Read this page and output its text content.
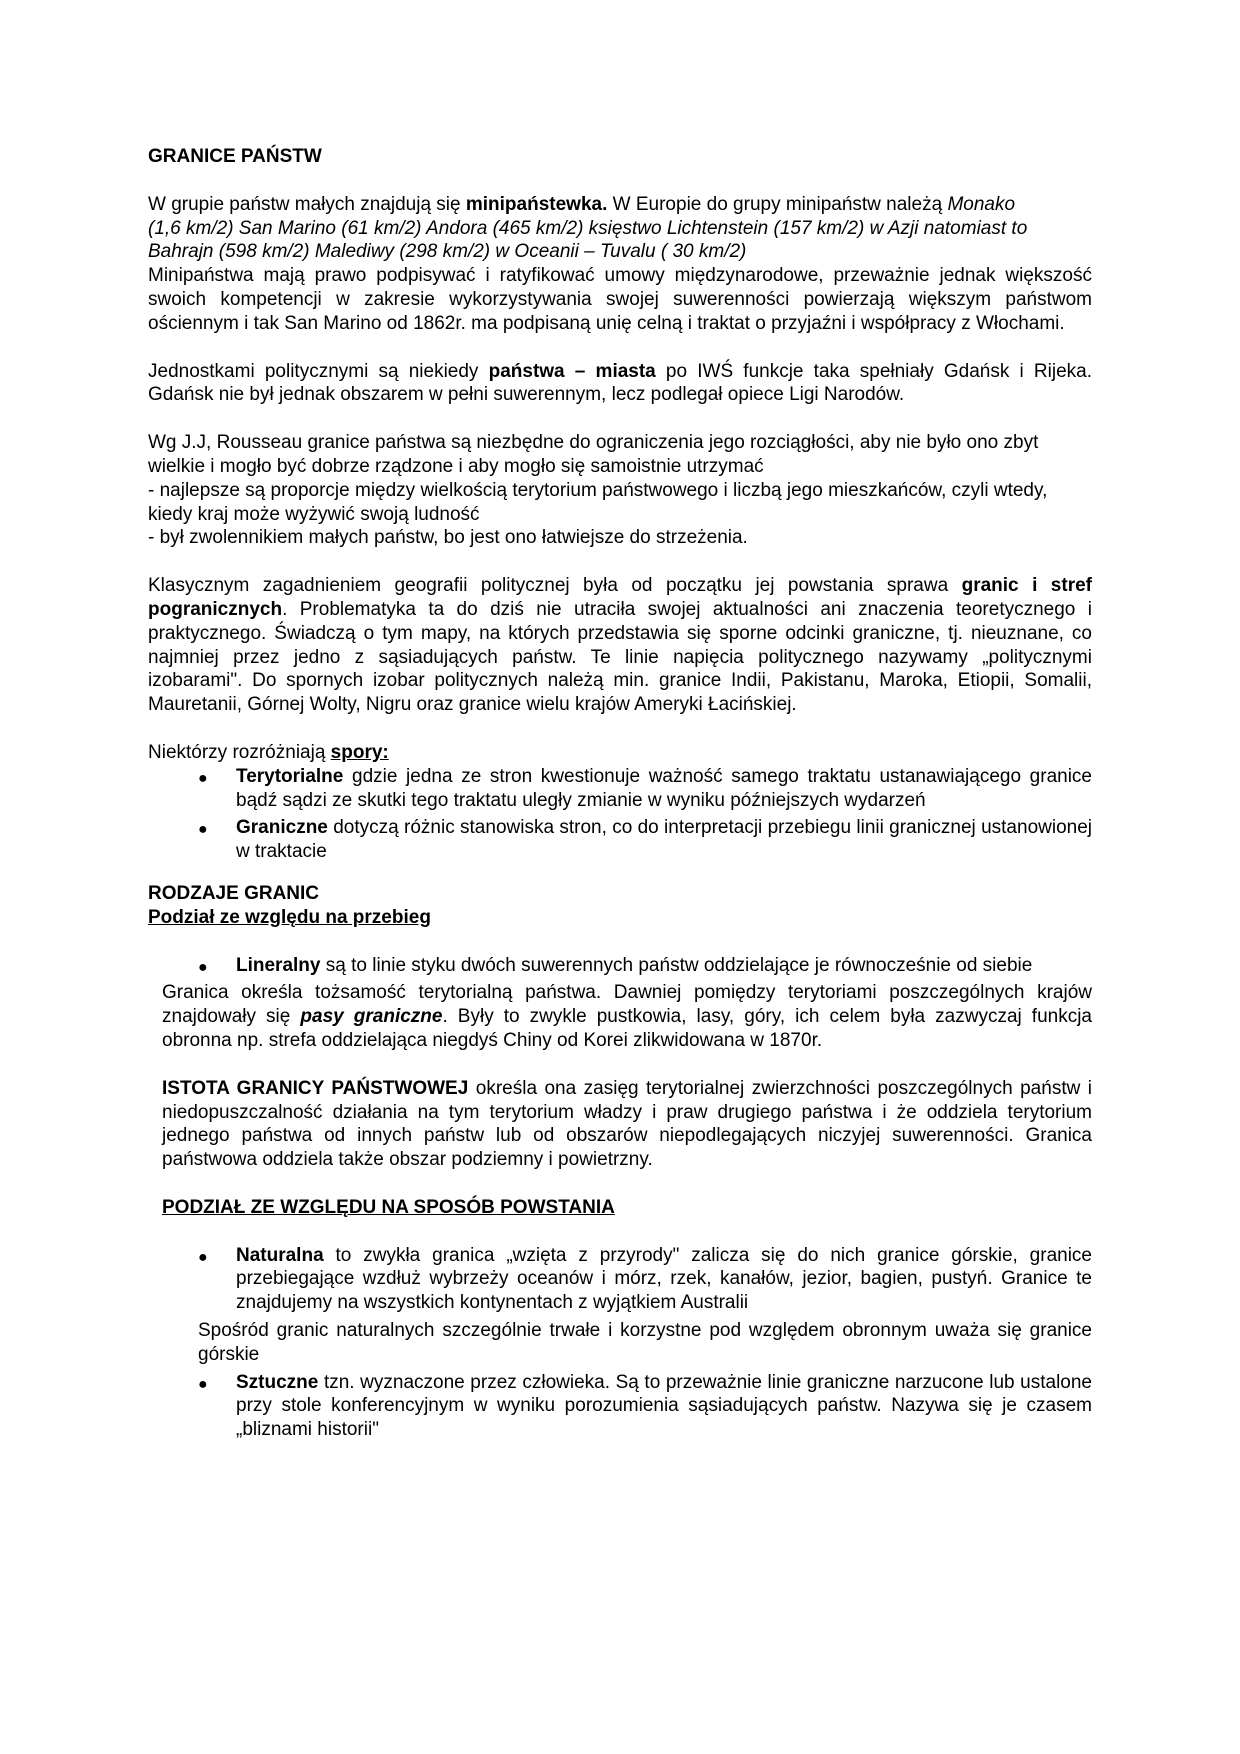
GRANICE PAŃSTW

W grupie państw małych znajdują się minipaństewka. W Europie do grupy minipaństw należą Monako

(1,6 km/2) San Marino (61 km/2) Andora (465 km/2) księstwo Lichtenstein (157 km/2) w Azji natomiast to Bahrajn (598 km/2) Malediwy (298 km/2) w Oceanii – Tuvalu ( 30 km/2)

Minipaństwa mają prawo podpisywać i ratyfikować umowy międzynarodowe, przeważnie jednak większość swoich kompetencji w zakresie wykorzystywania swojej suwerenności powierzają większym państwom ościennym i tak San Marino od 1862r. ma podpisaną unię celną i traktat o przyjaźni i współpracy z Włochami.

Jednostkami politycznymi są niekiedy państwa – miasta po IWŚ funkcje taka spełniały Gdańsk i Rijeka. Gdańsk nie był jednak obszarem w pełni suwerennym, lecz podlegał opiece Ligi Narodów.

Wg J.J, Rousseau granice państwa są niezbędne do ograniczenia jego rozciągłości, aby nie było ono zbyt wielkie i mogło być dobrze rządzone i aby mogło się samoistnie utrzymać

- najlepsze są proporcje między wielkością terytorium państwowego i liczbą jego mieszkańców, czyli wtedy, kiedy kraj może wyżywić swoją ludność

- był zwolennikiem małych państw, bo jest ono łatwiejsze do strzeżenia.

Klasycznym zagadnieniem geografii politycznej była od początku jej powstania sprawa granic i stref pogranicznych. Problematyka ta do dziś nie utraciła swojej aktualności ani znaczenia teoretycznego i praktycznego. Świadczą o tym mapy, na których przedstawia się sporne odcinki graniczne, tj. nieuznane, co najmniej przez jedno z sąsiadujących państw. Te linie napięcia politycznego nazywamy „politycznymi izobarami". Do spornych izobar politycznych należą min. granice Indii, Pakistanu, Maroka, Etiopii, Somalii, Mauretanii, Górnej Wolty, Nigru oraz granice wielu krajów Ameryki Łacińskiej.

Niektórzy rozróżniają spory:

● Terytorialne gdzie jedna ze stron kwestionuje ważność samego traktatu ustanawiającego granice bądź sądzi ze skutki tego traktatu uległy zmianie w wyniku późniejszych wydarzeń
● Graniczne dotyczą różnic stanowiska stron, co do interpretacji przebiegu linii granicznej ustanowionej w traktacie

RODZAJE GRANIC

Podział ze względu na przebieg

● Lineralny są to linie styku dwóch suwerennych państw oddzielające je równocześnie od siebie

Granica określa tożsamość terytorialną państwa. Dawniej pomiędzy terytoriami poszczególnych krajów znajdowały się pasy graniczne. Były to zwykle pustkowia, lasy, góry, ich celem była zazwyczaj funkcja obronna np. strefa oddzielająca niegdyś Chiny od Korei zlikwidowana w 1870r.

ISTOTA GRANICY PAŃSTWOWEJ określa ona zasięg terytorialnej zwierzchności poszczególnych państw i niedopuszczalność działania na tym terytorium władzy i praw drugiego państwa i że oddziela terytorium jednego państwa od innych państw lub od obszarów niepodlegających niczyjej suwerenności. Granica państwowa oddziela także obszar podziemny i powietrzny.

PODZIAŁ ZE WZGLĘDU NA SPOSÓB POWSTANIA

● Naturalna to zwykła granica „wzięta z przyrody" zalicza się do nich granice górskie, granice przebiegające wzdłuż wybrzeży oceanów i mórz, rzek, kanałów, jezior, bagien, pustyń. Granice te znajdujemy na wszystkich kontynentach z wyjątkiem Australii

Spośród granic naturalnych szczególnie trwałe i korzystne pod względem obronnym uważa się granice górskie

● Sztuczne tzn. wyznaczone przez człowieka. Są to przeważnie linie graniczne narzucone lub ustalone przy stole konferencyjnym w wyniku porozumienia sąsiadujących państw. Nazywa się je czasem „bliznami historii"
